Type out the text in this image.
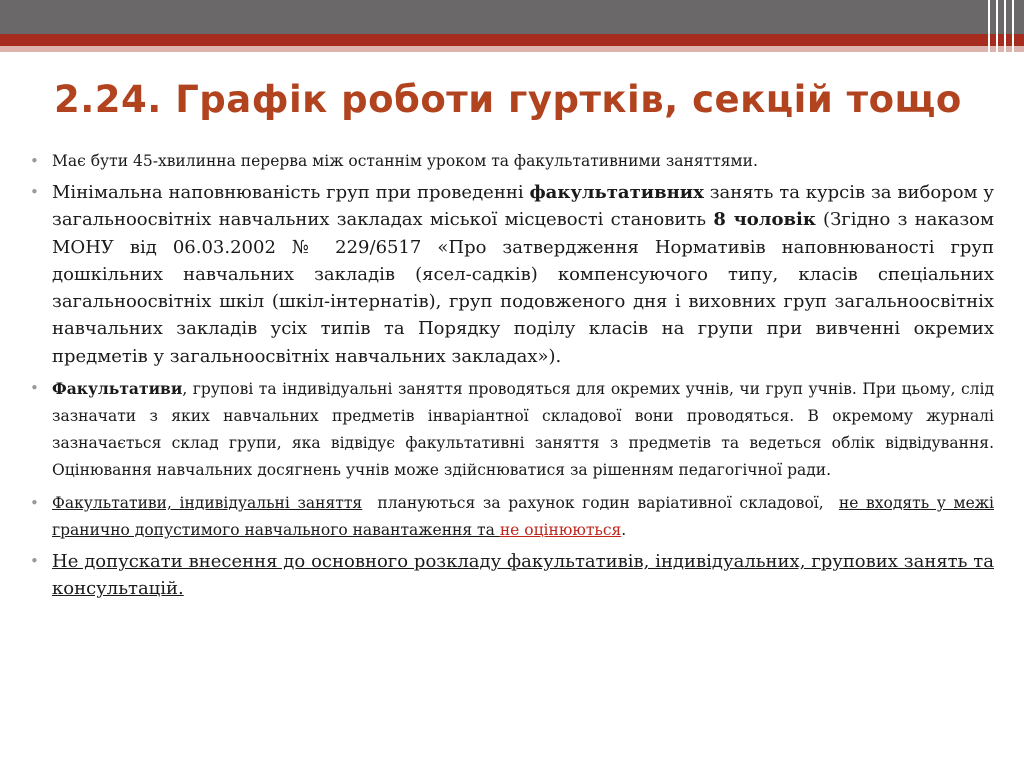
2.24. Графік роботи гуртків, секцій тощо
• Має бути 45-хвилинна перерва між останнім уроком та факультативними заняттями.
• Мінімальна наповнюваність груп при проведенні факультативних занять та курсів за вибором у загальноосвітніх навчальних закладах міської місцевості становить 8 чоловік (Згідно з наказом МОНУ від 06.03.2002 № 229/6517 «Про затвердження Нормативів наповнюваності груп дошкільних навчальних закладів (ясел-садків) компенсуючого типу, класів спеціальних загальноосвітніх шкіл (шкіл-інтернатів), груп подовженого дня і виховних груп загальноосвітніх навчальних закладів усіх типів та Порядку поділу класів на групи при вивченні окремих предметів у загальноосвітніх навчальних закладах»).
• Факультативи, групові та індивідуальні заняття проводяться для окремих учнів, чи груп учнів. При цьому, слід зазначати з яких навчальних предметів інваріантної складової вони проводяться. В окремому журналі зазначається склад групи, яка відвідує факультативні заняття з предметів та ведеться облік відвідування. Оцінювання навчальних досягнень учнів може здійснюватися за рішенням педагогічної ради.
• Факультативи, індивідуальні заняття  плануються за рахунок годин варіативної складової,  не входять у межі гранично допустимого навчального навантаження та не оцінюються.
• Не допускати внесення до основного розкладу факультативів, індивідуальних, групових занять та консультацій.
